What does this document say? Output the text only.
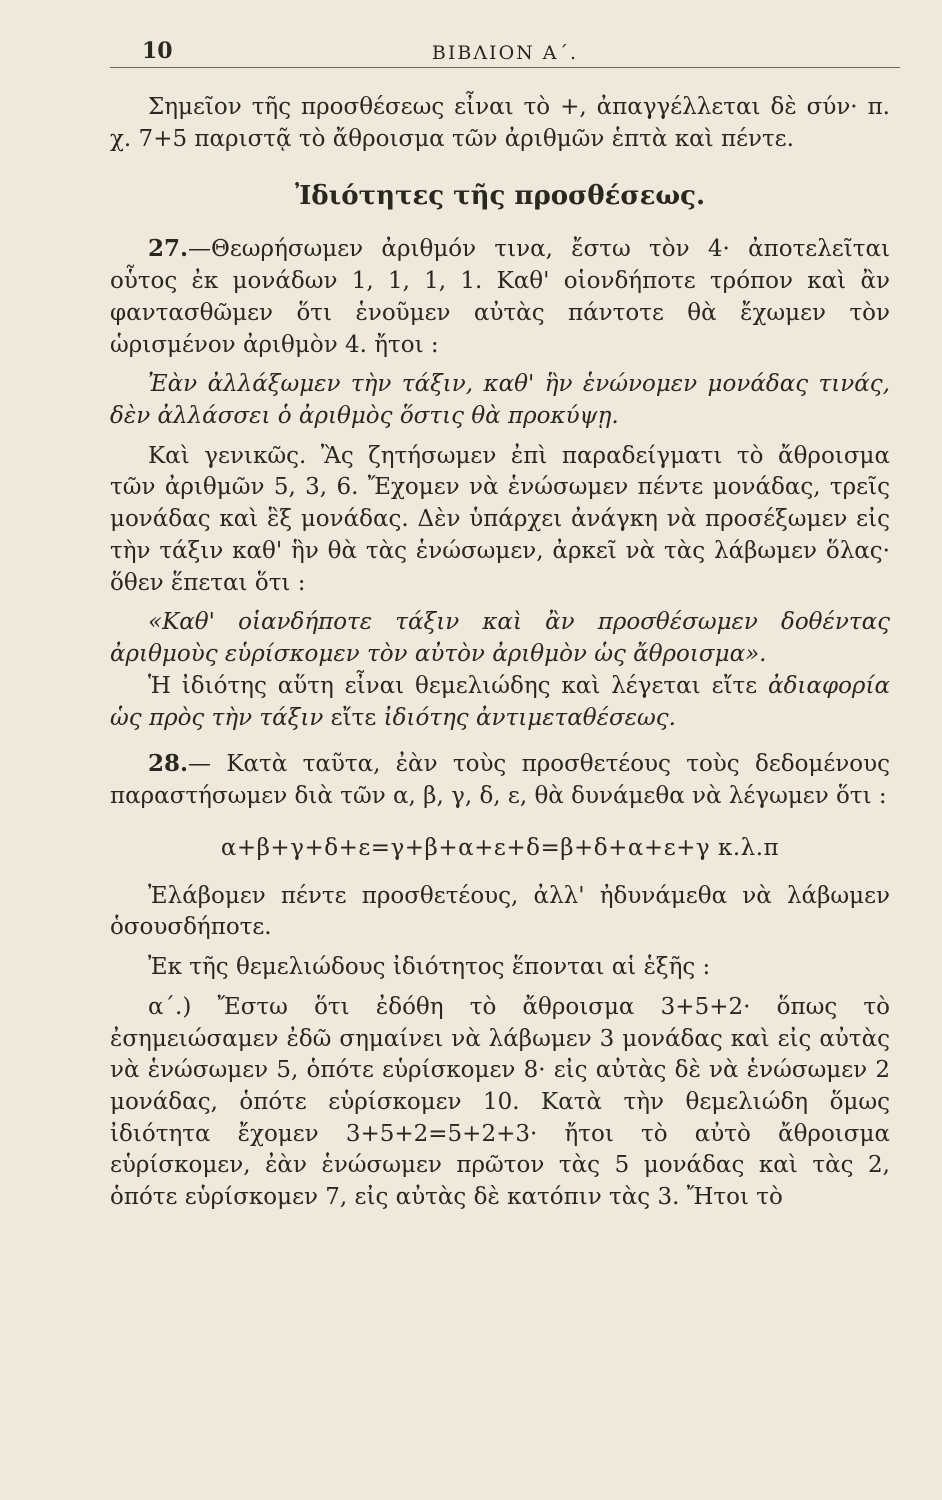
10	ΒΙΒΛΙΟΝ Α΄.

Σημεῖον τῆς προσθέσεως εἶναι τὸ +, ἀπαγγέλλεται δὲ σύν· π. χ. 7+5 παριστᾷ τὸ ἄθροισμα τῶν ἀριθμῶν ἑπτὰ καὶ πέντε.

Ἰδιότητες τῆς προσθέσεως.

27.—Θεωρήσωμεν ἀριθμόν τινα, ἔστω τὸν 4· ἀποτελεῖται οὗτος ἐκ μονάδων 1, 1, 1, 1. Καθ' οἱονδήποτε τρόπον καὶ ἂν φαντασθῶμεν ὅτι ἑνοῦμεν αὐτὰς πάντοτε θὰ ἔχωμεν τὸν ὡρισμένον ἀριθμὸν 4. ἤτοι :

Ἐὰν ἀλλάξωμεν τὴν τάξιν, καθ' ἣν ἑνώνομεν μονάδας τινάς, δὲν ἀλλάσσει ὁ ἀριθμὸς ὅστις θὰ προκύψῃ.

Καὶ γενικῶς. Ἂς ζητήσωμεν ἐπὶ παραδείγματι τὸ ἄθροισμα τῶν ἀριθμῶν 5, 3, 6. Ἔχομεν νὰ ἑνώσωμεν πέντε μονάδας, τρεῖς μονάδας καὶ ἓξ μονάδας. Δὲν ὑπάρχει ἀνάγκη νὰ προσέξωμεν εἰς τὴν τάξιν καθ' ἣν θὰ τὰς ἑνώσωμεν, ἀρκεῖ νὰ τὰς λάβωμεν ὅλας· ὅθεν ἕπεται ὅτι :

«Καθ' οἱανδήποτε τάξιν καὶ ἂν προσθέσωμεν δοθέντας ἀριθμοὺς εὑρίσκομεν τὸν αὐτὸν ἀριθμὸν ὡς ἄθροισμα».

Ἡ ἰδιότης αὕτη εἶναι θεμελιώδης καὶ λέγεται εἴτε ἀδιαφορία ὡς πρὸς τὴν τάξιν εἴτε ἰδιότης ἀντιμεταθέσεως.

28.— Κατὰ ταῦτα, ἐὰν τοὺς προσθετέους τοὺς δεδομένους παραστήσωμεν διὰ τῶν α, β, γ, δ, ε, θὰ δυνάμεθα νὰ λέγωμεν ὅτι :

α+β+γ+δ+ε=γ+β+α+ε+δ=β+δ+α+ε+γ κ.λ.π

Ἐλάβομεν πέντε προσθετέους, ἀλλ' ἠδυνάμεθα νὰ λάβωμεν ὁσουσδήποτε.

Ἐκ τῆς θεμελιώδους ἰδιότητος ἕπονται αἱ ἑξῆς :

α΄.) Ἔστω ὅτι ἐδόθη τὸ ἄθροισμα 3+5+2· ὅπως τὸ ἐσημειώσαμεν ἐδῶ σημαίνει νὰ λάβωμεν 3 μονάδας καὶ εἰς αὐτὰς νὰ ἑνώσωμεν 5, ὁπότε εὑρίσκομεν 8· εἰς αὐτὰς δὲ νὰ ἑνώσωμεν 2 μονάδας, ὁπότε εὑρίσκομεν 10. Κατὰ τὴν θεμελιώδη ὅμως ἰδιότητα ἔχομεν 3+5+2=5+2+3· ἤτοι τὸ αὐτὸ ἄθροισμα εὑρίσκομεν, ἐὰν ἑνώσωμεν πρῶτον τὰς 5 μονάδας καὶ τὰς 2, ὁπότε εὑρίσκομεν 7, εἰς αὐτὰς δὲ κατόπιν τὰς 3. Ἤτοι τὸ
